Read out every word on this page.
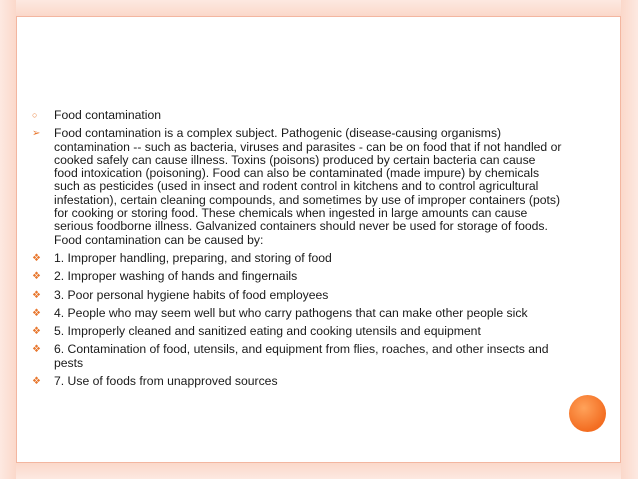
○	Food contamination
➢	Food contamination is a complex subject. Pathogenic (disease-causing organisms) contamination -- such as bacteria, viruses and parasites - can be on food that if not handled or cooked safely can cause illness. Toxins (poisons) produced by certain bacteria can cause food intoxication (poisoning). Food can also be contaminated (made impure) by chemicals such as pesticides (used in insect and rodent control in kitchens and to control agricultural infestation), certain cleaning compounds, and sometimes by use of improper containers (pots) for cooking or storing food. These chemicals when ingested in large amounts can cause serious foodborne illness. Galvanized containers should never be used for storage of foods. Food contamination can be caused by:
❖	1. Improper handling, preparing, and storing of food
❖	2. Improper washing of hands and fingernails
❖	3. Poor personal hygiene habits of food employees
❖	4. People who may seem well but who carry pathogens that can make other people sick
❖	5. Improperly cleaned and sanitized eating and cooking utensils and equipment
❖	6. Contamination of food, utensils, and equipment from flies, roaches, and other insects and pests
❖	7. Use of foods from unapproved sources
